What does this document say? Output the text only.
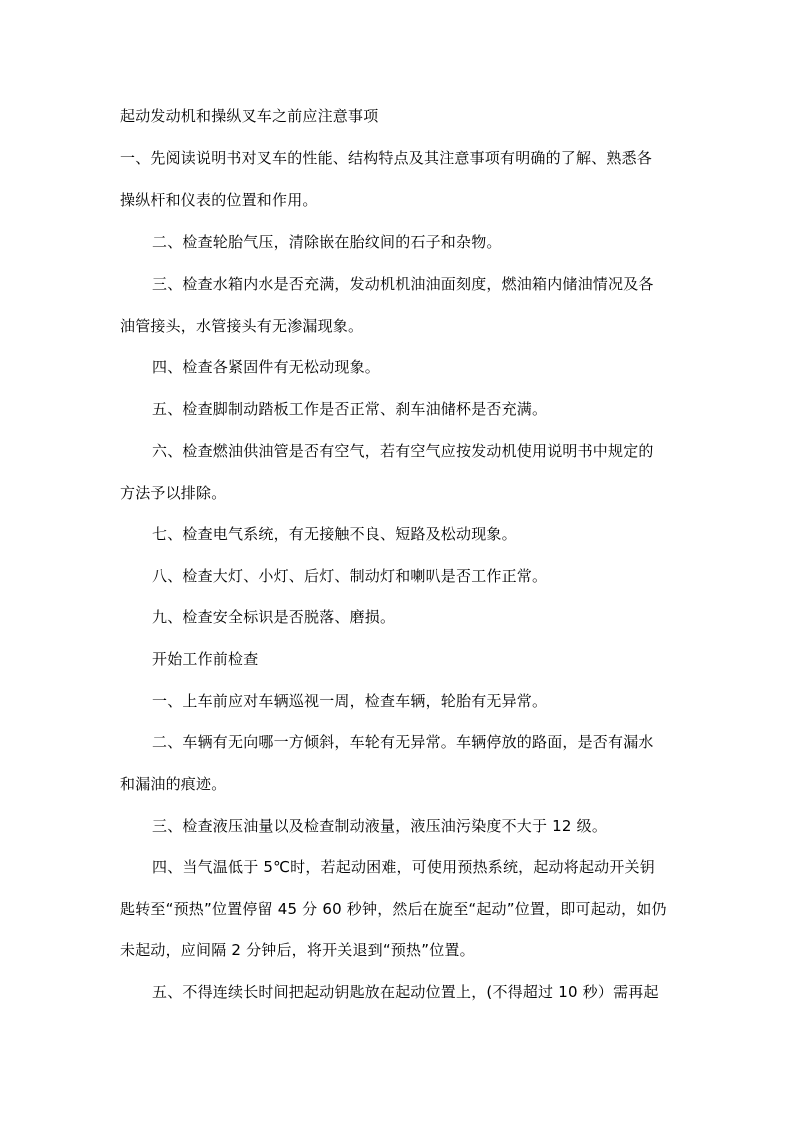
起动发动机和操纵叉车之前应注意事项
一、先阅读说明书对叉车的性能、结构特点及其注意事项有明确的了解、熟悉各
操纵杆和仪表的位置和作用。
二、检查轮胎气压，清除嵌在胎纹间的石子和杂物。
三、检查水箱内水是否充满，发动机机油油面刻度，燃油箱内储油情况及各
油管接头，水管接头有无渗漏现象。
四、检查各紧固件有无松动现象。
五、检查脚制动踏板工作是否正常、刹车油储杯是否充满。
六、检查燃油供油管是否有空气，若有空气应按发动机使用说明书中规定的
方法予以排除。
七、检查电气系统，有无接触不良、短路及松动现象。
八、检查大灯、小灯、后灯、制动灯和喇叭是否工作正常。
九、检查安全标识是否脱落、磨损。
开始工作前检查
一、上车前应对车辆巡视一周，检查车辆，轮胎有无异常。
二、车辆有无向哪一方倾斜，车轮有无异常。车辆停放的路面，是否有漏水
和漏油的痕迹。
三、检查液压油量以及检查制动液量，液压油污染度不大于 12 级。
四、当气温低于 5℃时，若起动困难，可使用预热系统，起动将起动开关钥
匙转至“预热”位置停留 45 分 60 秒钟，然后在旋至“起动”位置，即可起动，如仍
未起动，应间隔 2 分钟后，将开关退到“预热”位置。
五、不得连续长时间把起动钥匙放在起动位置上，(不得超过 10 秒）需再起
